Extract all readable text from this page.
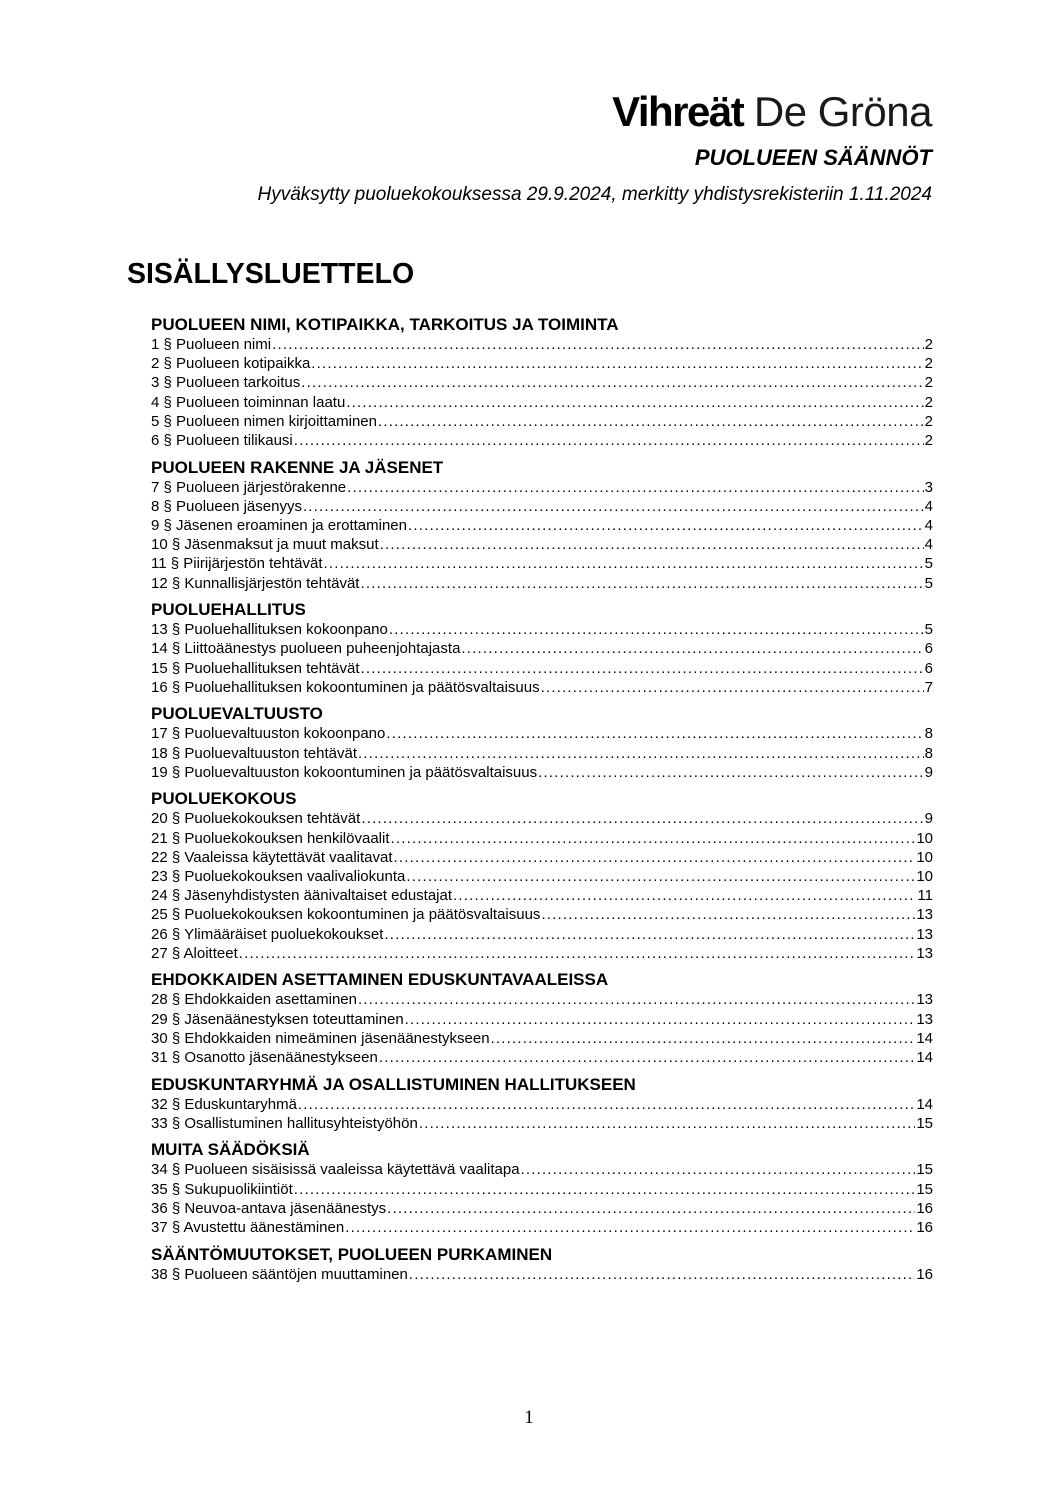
Vihreät De Gröna
PUOLUEEN SÄÄNNÖT
Hyväksytty puoluekokouksessa 29.9.2024, merkitty yhdistysrekisteriin 1.11.2024
SISÄLLYSLUETTELO
PUOLUEEN NIMI, KOTIPAIKKA, TARKOITUS JA TOIMINTA
1 § Puolueen nimi .....	2
2 § Puolueen kotipaikka .....	2
3 § Puolueen tarkoitus .....	2
4 § Puolueen toiminnan laatu .....	2
5 § Puolueen nimen kirjoittaminen .....	2
6 § Puolueen tilikausi .....	2
PUOLUEEN RAKENNE JA JÄSENET
7 § Puolueen järjestörakenne .....	3
8 § Puolueen jäsenyys .....	4
9 § Jäsenen eroaminen ja erottaminen .....	4
10 § Jäsenmaksut ja muut maksut .....	4
11 § Piirijärjestön tehtävät .....	5
12 § Kunnallisjärjestön tehtävät .....	5
PUOLUEHALLITUS
13 § Puoluehallituksen kokoonpano .....	5
14 § Liittoäänestys puolueen puheenjohtajasta .....	6
15 § Puoluehallituksen tehtävät .....	6
16 § Puoluehallituksen kokoontuminen ja päätösvaltaisuus .....	7
PUOLUEVALTUUSTO
17 § Puoluevaltuuston kokoonpano .....	8
18 § Puoluevaltuuston tehtävät .....	8
19 § Puoluevaltuuston kokoontuminen ja päätösvaltaisuus .....	9
PUOLUEKOKOUS
20 § Puoluekokouksen tehtävät .....	9
21 § Puoluekokouksen henkilövaalit .....	10
22 § Vaaleissa käytettävät vaalitavat .....	10
23 § Puoluekokouksen vaalivaliokunta .....	10
24 § Jäsenyhdistysten äänivaltaiset edustajat .....	11
25 § Puoluekokouksen kokoontuminen ja päätösvaltaisuus .....	13
26 § Ylimääräiset puoluekokoukset .....	13
27 § Aloitteet .....	13
EHDOKKAIDEN ASETTAMINEN EDUSKUNTAVAALEISSA
28 § Ehdokkaiden asettaminen .....	13
29 § Jäsenäänestyksen toteuttaminen .....	13
30 § Ehdokkaiden nimeäminen jäsenäänestykseen .....	14
31 § Osanotto jäsenäänestykseen .....	14
EDUSKUNTARYHMÄ JA OSALLISTUMINEN HALLITUKSEEN
32 § Eduskuntaryhmä .....	14
33 § Osallistuminen hallitusyhteistyöhön .....	15
MUITA SÄÄDÖKSIÄ
34 § Puolueen sisäisissä vaaleissa käytettävä vaalitapa .....	15
35 § Sukupuolikiintiöt .....	15
36 § Neuvoa-antava jäsenäänestys .....	16
37 § Avustettu äänestäminen .....	16
SÄÄNTÖMUUTOKSET, PUOLUEEN PURKAMINEN
38 § Puolueen sääntöjen muuttaminen .....	16
1
